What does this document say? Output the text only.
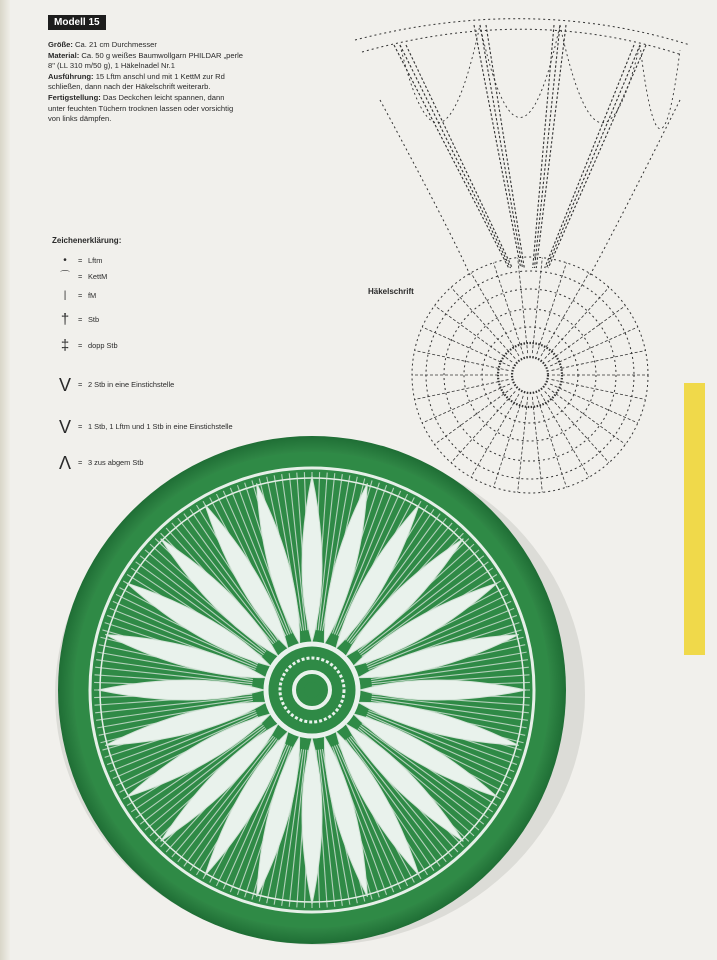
Modell 15

Größe: Ca. 21 cm Durchmesser

Material: Ca. 50 g weißes Baumwollgarn PHILDAR „perle 8" (LL 310 m/50 g), 1 Häkelnadel Nr.1

Ausführung: 15 Lftm anschl und mit 1 KettM zur Rd schließen, dann nach der Häkelschrift weiterarb.

Fertigstellung: Das Deckchen leicht spannen, dann unter feuchten Tüchern trocknen lassen oder vorsichtig von links dämpfen.

Zeichenerklärung:
•	= Lftm
⌒	= KettM
|	= fM
†	= Stb
‡	= dopp Stb
V = 2 Stb in eine Einstichstelle
V = 1 Stb, 1 Lftm und 1 Stb in eine Einstichstelle
Λ = 3 zus abgem Stb
Häkelschrift
